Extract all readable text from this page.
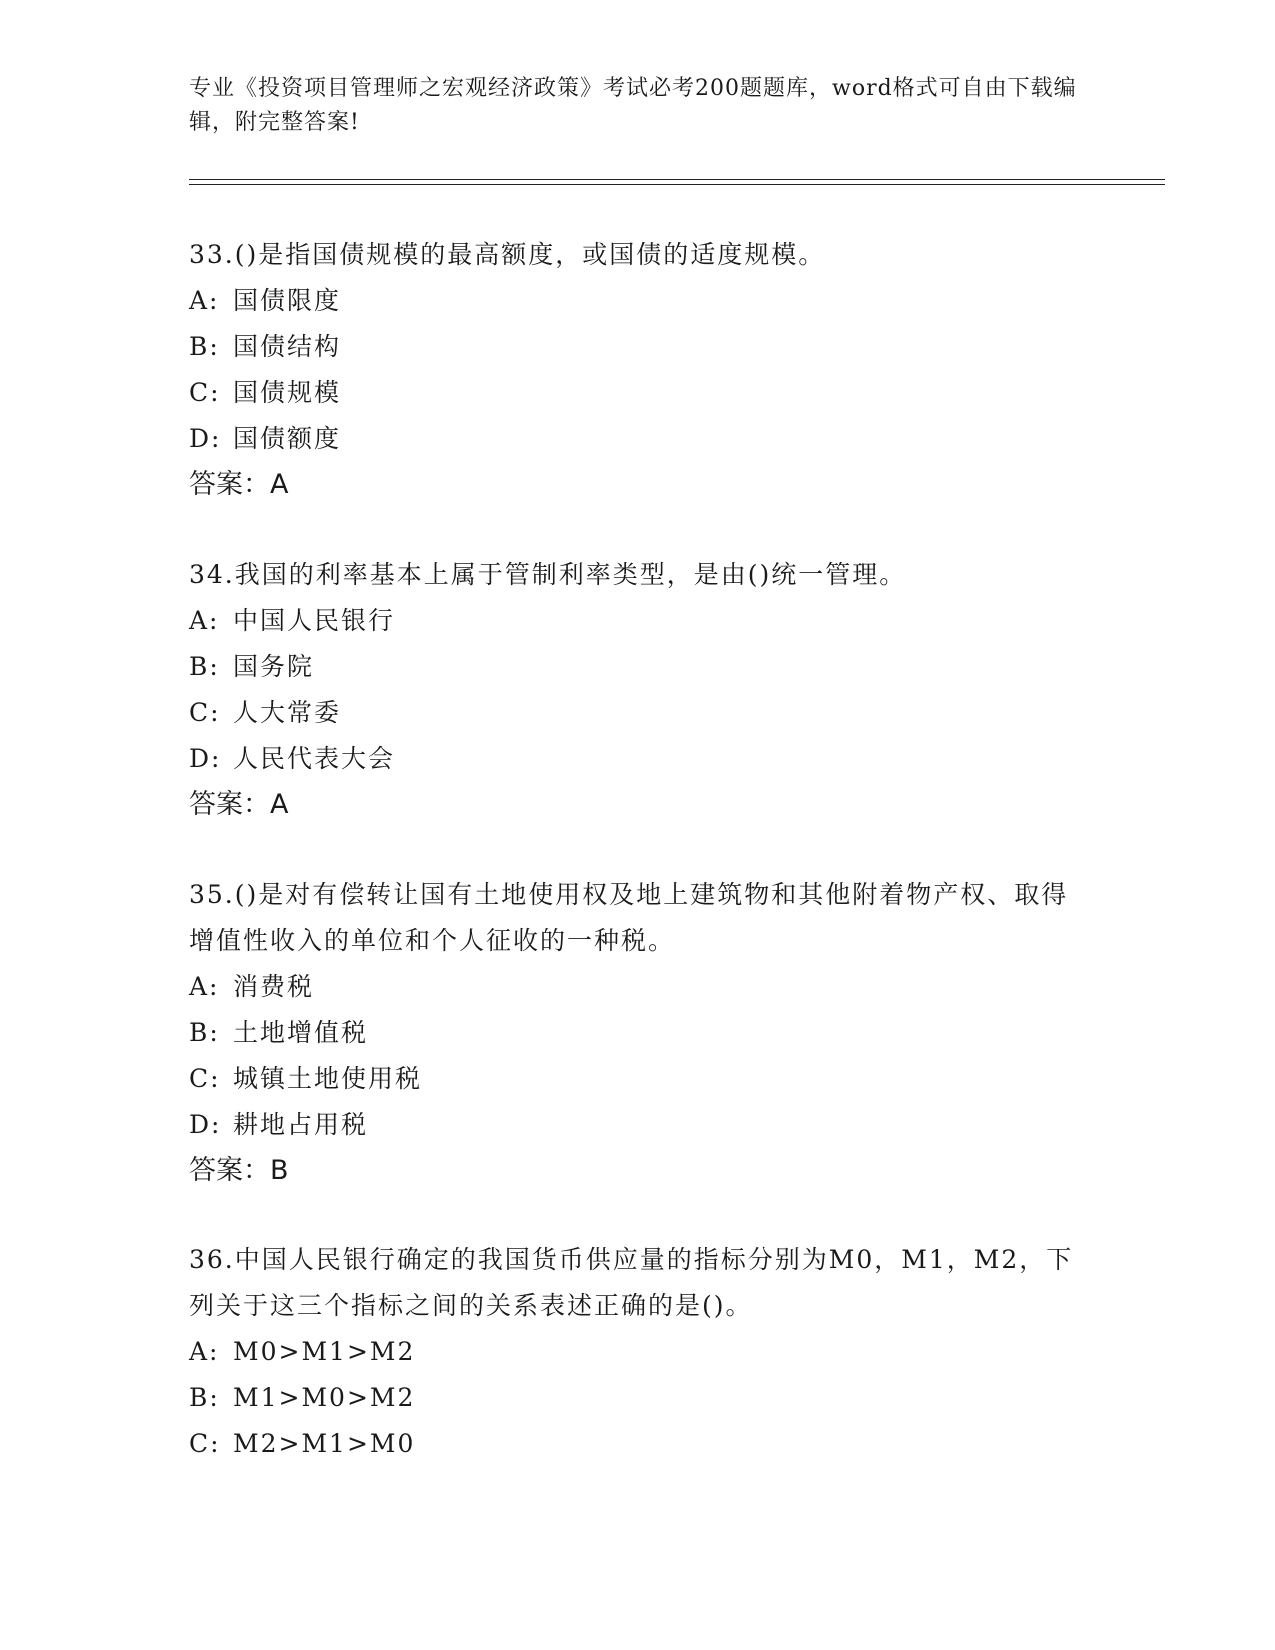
专业《投资项目管理师之宏观经济政策》考试必考200题题库，word格式可自由下载编辑，附完整答案!

33.()是指国债规模的最高额度，或国债的适度规模。

A: 国债限度
B: 国债结构
C: 国债规模
D: 国债额度
答案：A

34.我国的利率基本上属于管制利率类型，是由()统一管理。

A: 中国人民银行
B: 国务院
C: 人大常委
D: 人民代表大会
答案：A

35.()是对有偿转让国有土地使用权及地上建筑物和其他附着物产权、取得增值性收入的单位和个人征收的一种税。

A: 消费税
B: 土地增值税
C: 城镇土地使用税
D: 耕地占用税
答案：B

36.中国人民银行确定的我国货币供应量的指标分别为M0，M1，M2，下列关于这三个指标之间的关系表述正确的是()。

A: M0>M1>M2
B: M1>M0>M2
C: M2>M1>M0
